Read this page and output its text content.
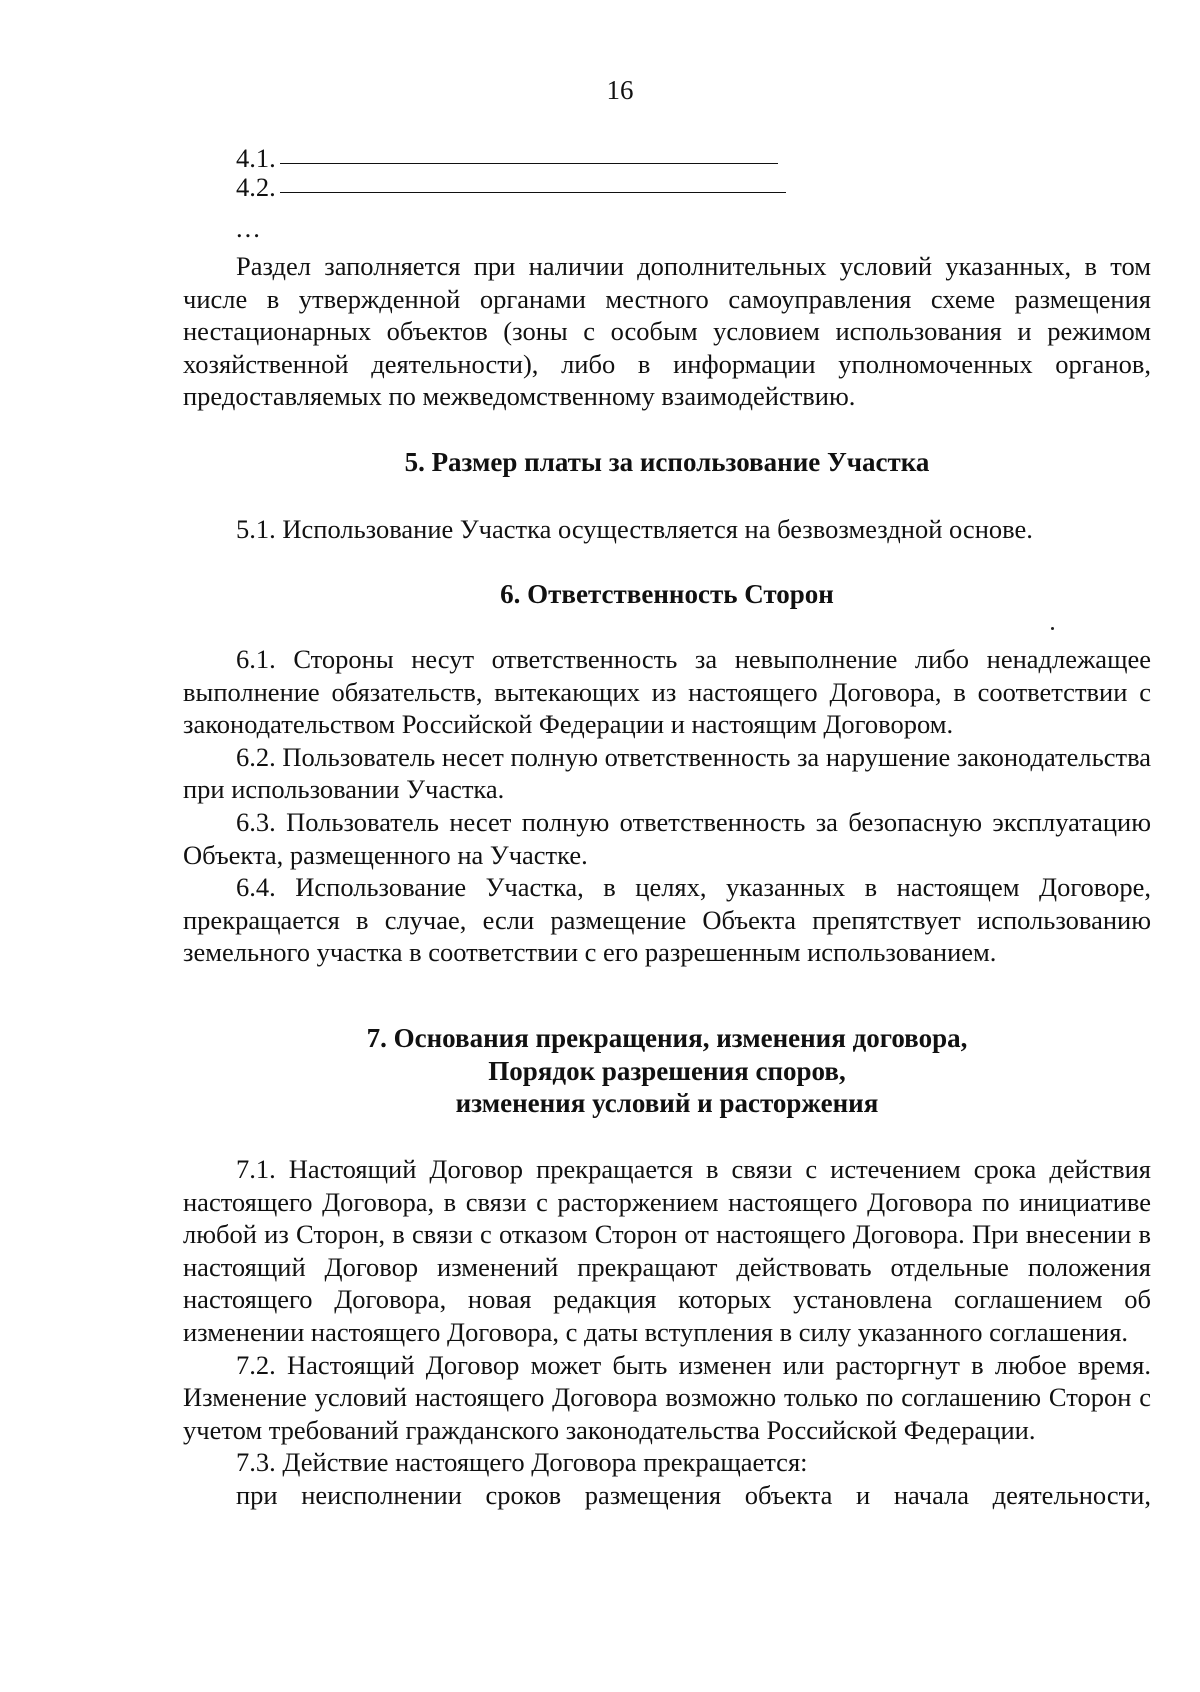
16
4.1.
4.2.
...

Раздел заполняется при наличии дополнительных условий указанных, в том числе в утвержденной органами местного самоуправления схеме размещения нестационарных объектов (зоны с особым условием использования и режимом хозяйственной деятельности), либо в информации уполномоченных органов, предоставляемых по межведомственному взаимодействию.

5. Размер платы за использование Участка

5.1. Использование Участка осуществляется на безвозмездной основе.

6. Ответственность Сторон

6.1. Стороны несут ответственность за невыполнение либо ненадлежащее выполнение обязательств, вытекающих из настоящего Договора, в соответствии с законодательством Российской Федерации и настоящим Договором.

6.2. Пользователь несет полную ответственность за нарушение законодательства при использовании Участка.

6.3. Пользователь несет полную ответственность за безопасную эксплуатацию Объекта, размещенного на Участке.

6.4. Использование Участка, в целях, указанных в настоящем Договоре, прекращается в случае, если размещение Объекта препятствует использованию земельного участка в соответствии с его разрешенным использованием.

7. Основания прекращения, изменения договора,
Порядок разрешения споров,
изменения условий и расторжения

7.1. Настоящий Договор прекращается в связи с истечением срока действия настоящего Договора, в связи с расторжением настоящего Договора по инициативе любой из Сторон, в связи с отказом Сторон от настоящего Договора. При внесении в настоящий Договор изменений прекращают действовать отдельные положения настоящего Договора, новая редакция которых установлена соглашением об изменении настоящего Договора, с даты вступления в силу указанного соглашения.

7.2. Настоящий Договор может быть изменен или расторгнут в любое время. Изменение условий настоящего Договора возможно только по соглашению Сторон с учетом требований гражданского законодательства Российской Федерации.

7.3. Действие настоящего Договора прекращается:

при неисполнении сроков размещения объекта и начала деятельности,
